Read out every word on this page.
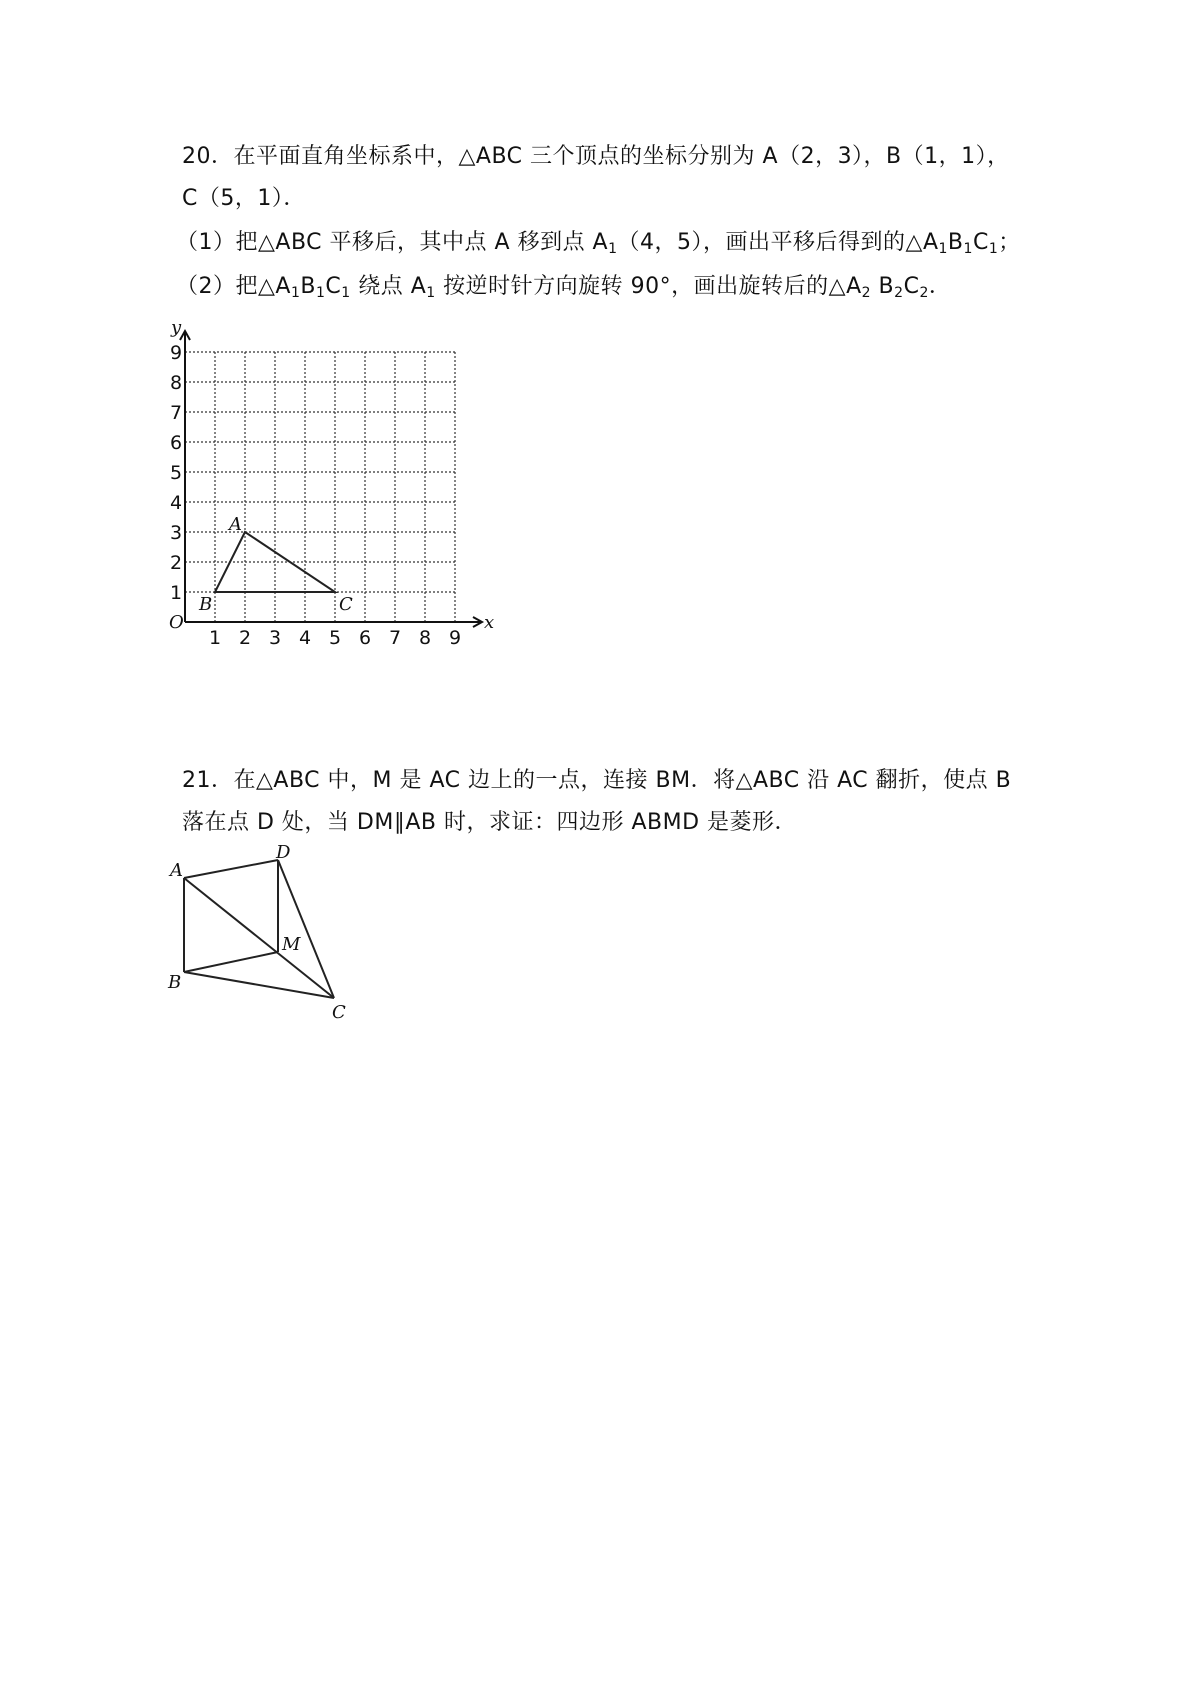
20．在平面直角坐标系中，△ABC 三个顶点的坐标分别为 A（2，3），B（1，1），
C（5，1）．
（1）把△ABC 平移后，其中点 A 移到点 $A_1(4$，5），画出平移后得到的$\triangle A_1B_1C_1$；
（2）把$\triangle A_1B_1C_1$ 绕点 $A_1$ 按逆时针方向旋转 90°，画出旋转后的$\triangle A_2$ $B_2C_2$．
x
y
O
1 2 3 4 5 6 7 8 9
1
2
3
4
5
6
7
8
9
A
B	C
21．在△ABC 中，M 是 AC 边上的一点，连接 BM．将△ABC 沿 AC 翻折，使点 B
落在点 D 处，当 DM∥AB 时，求证：四边形 ABMD 是菱形．
A
B
C
D
M
